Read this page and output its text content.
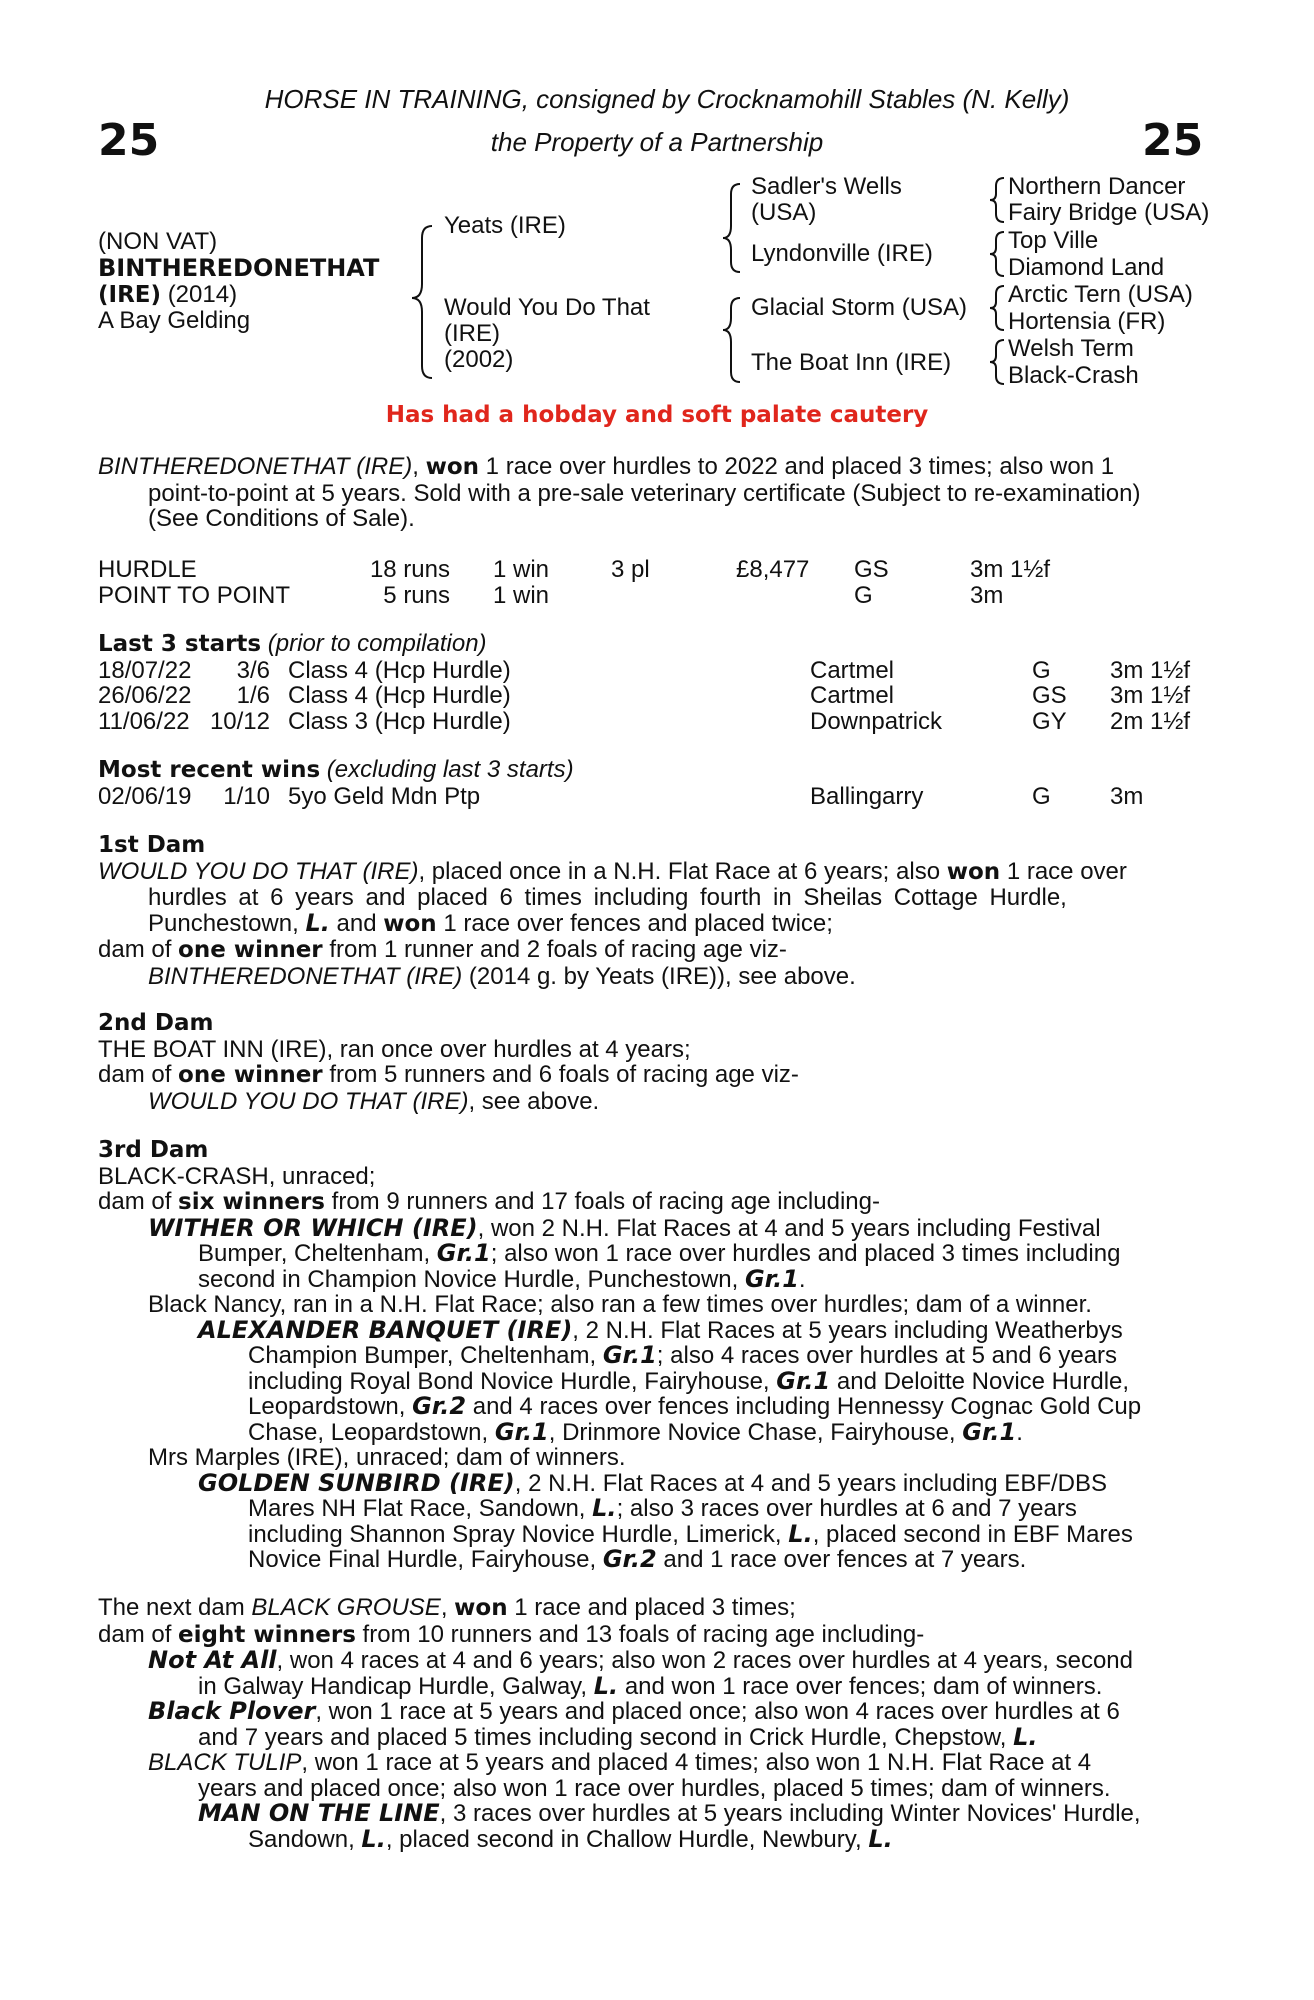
25	25
HORSE IN TRAINING, consigned by Crocknamohill Stables (N. Kelly)
the Property of a Partnership
(NON VAT)
BINTHEREDONETHAT
(IRE) (2014)
A Bay Gelding
Yeats (IRE)
Would You Do That
(IRE)
(2002)
Sadler's Wells
(USA)
Lyndonville (IRE)
Glacial Storm (USA)
The Boat Inn (IRE)
Northern Dancer
Fairy Bridge (USA)
Top Ville
Diamond Land
Arctic Tern (USA)
Hortensia (FR)
Welsh Term
Black-Crash
Has had a hobday and soft palate cautery
BINTHEREDONETHAT (IRE), won 1 race over hurdles to 2022 and placed 3 times; also won 1
point-to-point at 5 years. Sold with a pre-sale veterinary certificate (Subject to re-examination)
(See Conditions of Sale).
HURDLE	18 runs 1 win	3 pl	£8,477 GS	3m 1½f
POINT TO POINT	5 runs 1 win	G	3m
Last 3 starts (prior to compilation)
18/07/22 3/6 Class 4 (Hcp Hurdle)	Cartmel	G 3m 1½f
26/06/22 1/6 Class 4 (Hcp Hurdle)	Cartmel	GS 3m 1½f
11/06/22 10/12 Class 3 (Hcp Hurdle)	Downpatrick	GY 2m 1½f
Most recent wins (excluding last 3 starts)
02/06/19 1/10 5yo Geld Mdn Ptp	Ballingarry	G 3m
1st Dam
WOULD YOU DO THAT (IRE), placed once in a N.H. Flat Race at 6 years; also won 1 race over
hurdles at 6 years and placed 6 times including fourth in Sheilas Cottage Hurdle,
Punchestown, L. and won 1 race over fences and placed twice;
dam of one winner from 1 runner and 2 foals of racing age viz-
BINTHEREDONETHAT (IRE) (2014 g. by Yeats (IRE)), see above.
2nd Dam
THE BOAT INN (IRE), ran once over hurdles at 4 years;
dam of one winner from 5 runners and 6 foals of racing age viz-
WOULD YOU DO THAT (IRE), see above.
3rd Dam
BLACK-CRASH, unraced;
dam of six winners from 9 runners and 17 foals of racing age including-
WITHER OR WHICH (IRE), won 2 N.H. Flat Races at 4 and 5 years including Festival
Bumper, Cheltenham, Gr.1; also won 1 race over hurdles and placed 3 times including
second in Champion Novice Hurdle, Punchestown, Gr.1.
Black Nancy, ran in a N.H. Flat Race; also ran a few times over hurdles; dam of a winner.
ALEXANDER BANQUET (IRE), 2 N.H. Flat Races at 5 years including Weatherbys
Champion Bumper, Cheltenham, Gr.1; also 4 races over hurdles at 5 and 6 years
including Royal Bond Novice Hurdle, Fairyhouse, Gr.1 and Deloitte Novice Hurdle,
Leopardstown, Gr.2 and 4 races over fences including Hennessy Cognac Gold Cup
Chase, Leopardstown, Gr.1, Drinmore Novice Chase, Fairyhouse, Gr.1.
Mrs Marples (IRE), unraced; dam of winners.
GOLDEN SUNBIRD (IRE), 2 N.H. Flat Races at 4 and 5 years including EBF/DBS
Mares NH Flat Race, Sandown, L.; also 3 races over hurdles at 6 and 7 years
including Shannon Spray Novice Hurdle, Limerick, L., placed second in EBF Mares
Novice Final Hurdle, Fairyhouse, Gr.2 and 1 race over fences at 7 years.
The next dam BLACK GROUSE, won 1 race and placed 3 times;
dam of eight winners from 10 runners and 13 foals of racing age including-
Not At All, won 4 races at 4 and 6 years; also won 2 races over hurdles at 4 years, second
in Galway Handicap Hurdle, Galway, L. and won 1 race over fences; dam of winners.
Black Plover, won 1 race at 5 years and placed once; also won 4 races over hurdles at 6
and 7 years and placed 5 times including second in Crick Hurdle, Chepstow, L.
BLACK TULIP, won 1 race at 5 years and placed 4 times; also won 1 N.H. Flat Race at 4
years and placed once; also won 1 race over hurdles, placed 5 times; dam of winners.
MAN ON THE LINE, 3 races over hurdles at 5 years including Winter Novices' Hurdle,
Sandown, L., placed second in Challow Hurdle, Newbury, L.
